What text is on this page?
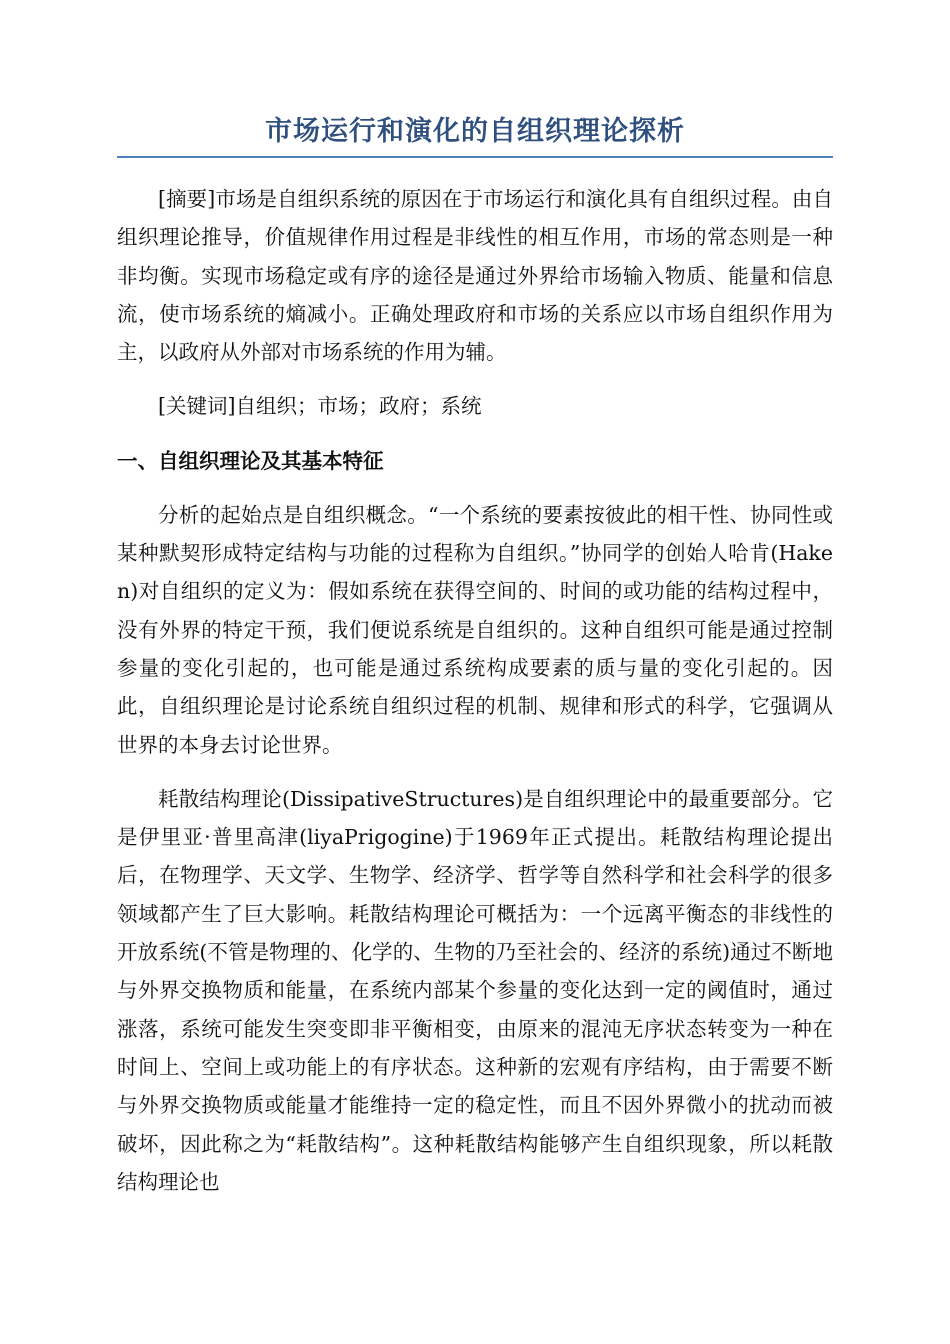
市场运行和演化的自组织理论探析

[摘要]市场是自组织系统的原因在于市场运行和演化具有自组织过程。由自组织理论推导，价值规律作用过程是非线性的相互作用，市场的常态则是一种非均衡。实现市场稳定或有序的途径是通过外界给市场输入物质、能量和信息流，使市场系统的熵减小。正确处理政府和市场的关系应以市场自组织作用为主，以政府从外部对市场系统的作用为辅。

[关键词]自组织；市场；政府；系统

一、自组织理论及其基本特征

分析的起始点是自组织概念。“一个系统的要素按彼此的相干性、协同性或某种默契形成特定结构与功能的过程称为自组织。”协同学的创始人哈肯(Haken)对自组织的定义为：假如系统在获得空间的、时间的或功能的结构过程中，没有外界的特定干预，我们便说系统是自组织的。这种自组织可能是通过控制参量的变化引起的，也可能是通过系统构成要素的质与量的变化引起的。因此，自组织理论是讨论系统自组织过程的机制、规律和形式的科学，它强调从世界的本身去讨论世界。

耗散结构理论(DissipativeStructures)是自组织理论中的最重要部分。它是伊里亚·普里高津(liyaPrigogine)于1969年正式提出。耗散结构理论提出后，在物理学、天文学、生物学、经济学、哲学等自然科学和社会科学的很多领域都产生了巨大影响。耗散结构理论可概括为：一个远离平衡态的非线性的开放系统(不管是物理的、化学的、生物的乃至社会的、经济的系统)通过不断地与外界交换物质和能量，在系统内部某个参量的变化达到一定的阈值时，通过涨落，系统可能发生突变即非平衡相变，由原来的混沌无序状态转变为一种在时间上、空间上或功能上的有序状态。这种新的宏观有序结构，由于需要不断与外界交换物质或能量才能维持一定的稳定性，而且不因外界微小的扰动而被破坏，因此称之为“耗散结构”。这种耗散结构能够产生自组织现象，所以耗散结构理论也
